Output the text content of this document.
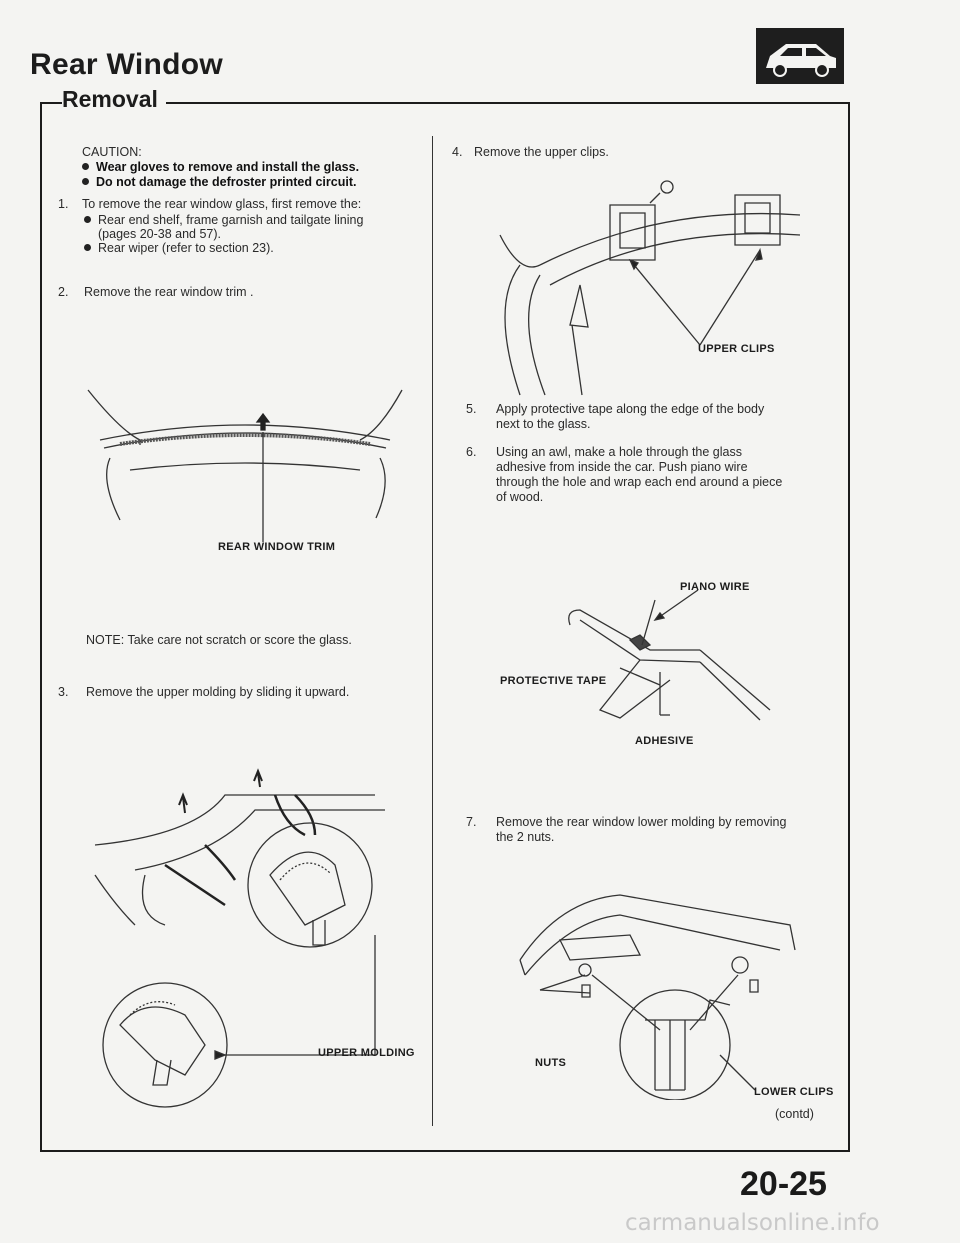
Rear Window
Removal
CAUTION:
Wear gloves to remove and install the glass.
Do not damage the defroster printed circuit.
1. To remove the rear window glass, first remove the:
Rear end shelf, frame garnish and tailgate lining
(pages 20-38 and 57).
Rear wiper (refer to section 23).
2. Remove the rear window trim .
REAR WINDOW TRIM
NOTE: Take care not scratch or score the glass.
3. Remove the upper molding by sliding it upward.
UPPER MOLDING
4. Remove the upper clips.
UPPER CLIPS
5. Apply protective tape along the edge of the body
next to the glass.
6. Using an awl, make a hole through the glass
adhesive from inside the car. Push piano wire
through the hole and wrap each end around a piece
of wood.
PIANO WIRE
PROTECTIVE TAPE
ADHESIVE
7. Remove the rear window lower molding by removing
the 2 nuts.
NUTS
LOWER CLIPS
(contd)
20-25
carmanualsonline.info
